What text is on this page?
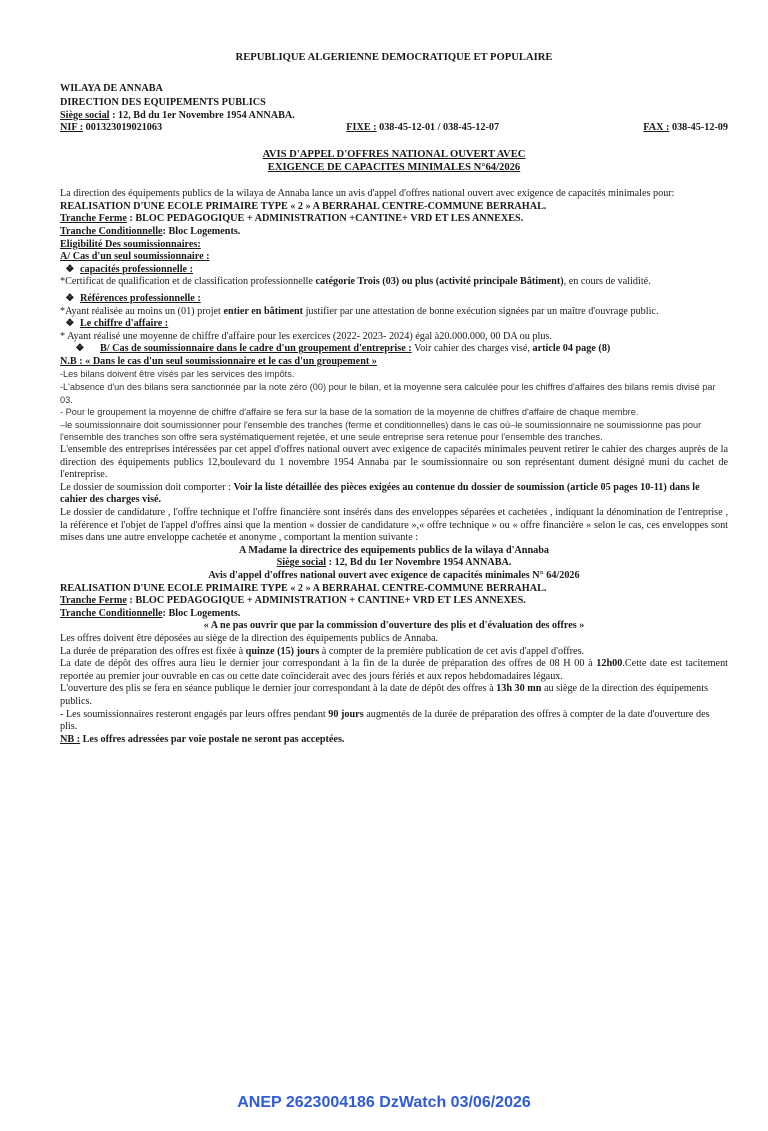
REPUBLIQUE ALGERIENNE DEMOCRATIQUE ET POPULAIRE

WILAYA DE ANNABA

DIRECTION DES EQUIPEMENTS PUBLICS

Siège social : 12, Bd du 1er Novembre 1954 ANNABA.

NIF : 001323019021063	FIXE : 038-45-12-01 / 038-45-12-07	FAX : 038-45-12-09
AVIS D'APPEL D'OFFRES NATIONAL OUVERT AVEC
EXIGENCE DE CAPACITES MINIMALES N°64/2026

La direction des équipements publics de la wilaya de Annaba lance un avis d'appel d'offres national ouvert avec exigence de capacités minimales pour:

REALISATION D'UNE ECOLE PRIMAIRE TYPE « 2 » A BERRAHAL CENTRE-COMMUNE BERRAHAL.

Tranche Ferme : BLOC PEDAGOGIQUE + ADMINISTRATION +CANTINE+ VRD ET LES ANNEXES.

Tranche Conditionnelle: Bloc Logements.

Eligibilité Des soumissionnaires:

A/ Cas d'un seul soumissionnaire :

❖ capacités professionnelle :

*Certificat de qualification et de classification professionnelle catégorie Trois (03) ou plus (activité principale Bâtiment), en cours de validité.

❖ Références professionnelle :

*Ayant réalisée au moins un (01) projet entier en bâtiment justifier par une attestation de bonne exécution signées par un maître d'ouvrage public.

❖ Le chiffre d'affaire :

* Ayant réalisé une moyenne de chiffre d'affaire pour les exercices (2022- 2023- 2024) égal à20.000.000, 00 DA ou plus.

❖ B/ Cas de soumissionnaire dans le cadre d'un groupement d'entreprise : Voir cahier des charges visé, article 04 page (8)

N.B : « Dans le cas d'un seul soumissionnaire et le cas d'un groupement »

-Les bilans doivent être visés par les services des impôts.

-L'absence d'un des bilans sera sanctionnée par la note zéro (00) pour le bilan, et la moyenne sera calculée pour les chiffres d'affaires des bilans remis divisé par 03.

- Pour le groupement la moyenne de chiffre d'affaire se fera sur la base de la somation de la moyenne de chiffres d'affaire de chaque membre.

–le soumissionnaire doit soumissionner pour l'ensemble des tranches (ferme et conditionnelles) dans le cas où–le soumissionnaire ne soumissionne pas pour l'ensemble des tranches son offre sera systématiquement rejetée, et une seule entreprise sera retenue pour l'ensemble des tranches.

L'ensemble des entreprises intéressées par cet appel d'offres national ouvert avec exigence de capacités minimales peuvent retirer le cahier des charges auprès de la direction des équipements publics 12,boulevard du 1 novembre 1954 Annaba par le soumissionnaire ou son représentant dument désigné muni du cachet de l'entreprise.

Le dossier de soumission doit comporter : Voir la liste détaillée des pièces exigées au contenue du dossier de soumission (article 05 pages 10-11) dans le cahier des charges visé.

Le dossier de candidature , l'offre technique et l'offre financière sont insérés dans des enveloppes séparées et cachetées , indiquant la dénomination de l'entreprise , la référence et l'objet de l'appel d'offres ainsi que la mention « dossier de candidature »,« offre technique » ou « offre financière » selon le cas, ces enveloppes sont mises dans une autre enveloppe cachetée et anonyme , comportant la mention suivante :

A Madame la directrice des equipements publics de la wilaya d'Annaba

Siège social : 12, Bd du 1er Novembre 1954 ANNABA.

Avis d'appel d'offres national ouvert avec exigence de capacités minimales N° 64/2026

REALISATION D'UNE ECOLE PRIMAIRE TYPE « 2 » A BERRAHAL CENTRE-COMMUNE BERRAHAL.

Tranche Ferme : BLOC PEDAGOGIQUE + ADMINISTRATION + CANTINE+ VRD ET LES ANNEXES.

Tranche Conditionnelle: Bloc Logements.

« A ne pas ouvrir que par la commission d'ouverture des plis et d'évaluation des offres »

Les offres doivent être déposées au siège de la direction des équipements publics de Annaba.

La durée de préparation des offres est fixée à quinze (15) jours à compter de la première publication de cet avis d'appel d'offres.

La date de dépôt des offres aura lieu le dernier jour correspondant à la fin de la durée de préparation des offres de 08 H 00 à 12h00.Cette date est tacitement reportée au premier jour ouvrable en cas ou cette date coïnciderait avec des jours fériés et aux repos hebdomadaires légaux.

L'ouverture des plis se fera en séance publique le dernier jour correspondant à la date de dépôt des offres à 13h 30 mn au siège de la direction des équipements publics.

- Les soumissionnaires resteront engagés par leurs offres pendant 90 jours augmentés de la durée de préparation des offres à compter de la date d'ouverture des plis.

NB : Les offres adressées par voie postale ne seront pas acceptées.

ANEP 2623004186 DzWatch 03/06/2026
